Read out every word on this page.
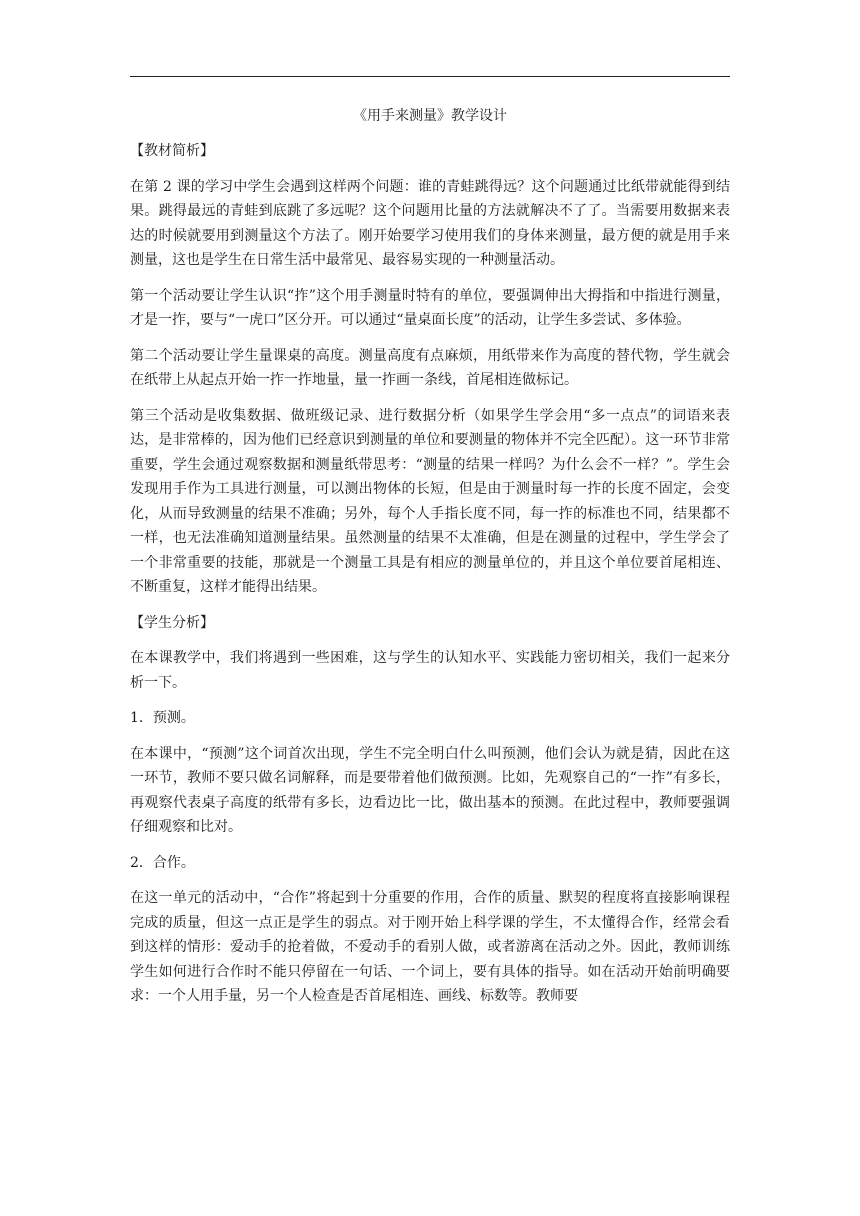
《用手来测量》教学设计

【教材简析】

在第 2 课的学习中学生会遇到这样两个问题：谁的青蛙跳得远？这个问题通过比纸带就能得到结果。跳得最远的青蛙到底跳了多远呢？这个问题用比量的方法就解决不了了。当需要用数据来表达的时候就要用到测量这个方法了。刚开始要学习使用我们的身体来测量，最方便的就是用手来测量，这也是学生在日常生活中最常见、最容易实现的一种测量活动。

第一个活动要让学生认识“拃”这个用手测量时特有的单位，要强调伸出大拇指和中指进行测量，才是一拃，要与“一虎口”区分开。可以通过“量桌面长度”的活动，让学生多尝试、多体验。

第二个活动要让学生量课桌的高度。测量高度有点麻烦，用纸带来作为高度的替代物，学生就会在纸带上从起点开始一拃一拃地量，量一拃画一条线，首尾相连做标记。

第三个活动是收集数据、做班级记录、进行数据分析（如果学生学会用“多一点点”的词语来表达，是非常棒的，因为他们已经意识到测量的单位和要测量的物体并不完全匹配）。这一环节非常重要，学生会通过观察数据和测量纸带思考：“测量的结果一样吗？为什么会不一样？”。学生会发现用手作为工具进行测量，可以测出物体的长短，但是由于测量时每一拃的长度不固定，会变化，从而导致测量的结果不准确；另外，每个人手指长度不同，每一拃的标准也不同，结果都不一样，也无法准确知道测量结果。虽然测量的结果不太准确，但是在测量的过程中，学生学会了一个非常重要的技能，那就是一个测量工具是有相应的测量单位的，并且这个单位要首尾相连、不断重复，这样才能得出结果。

【学生分析】

在本课教学中，我们将遇到一些困难，这与学生的认知水平、实践能力密切相关，我们一起来分析一下。

1．预测。

在本课中，“预测”这个词首次出现，学生不完全明白什么叫预测，他们会认为就是猜，因此在这一环节，教师不要只做名词解释，而是要带着他们做预测。比如，先观察自己的“一拃”有多长，再观察代表桌子高度的纸带有多长，边看边比一比，做出基本的预测。在此过程中，教师要强调仔细观察和比对。

2．合作。

在这一单元的活动中，“合作”将起到十分重要的作用，合作的质量、默契的程度将直接影响课程完成的质量，但这一点正是学生的弱点。对于刚开始上科学课的学生，不太懂得合作，经常会看到这样的情形：爱动手的抢着做，不爱动手的看别人做，或者游离在活动之外。因此，教师训练学生如何进行合作时不能只停留在一句话、一个词上，要有具体的指导。如在活动开始前明确要求：一个人用手量，另一个人检查是否首尾相连、画线、标数等。教师要
